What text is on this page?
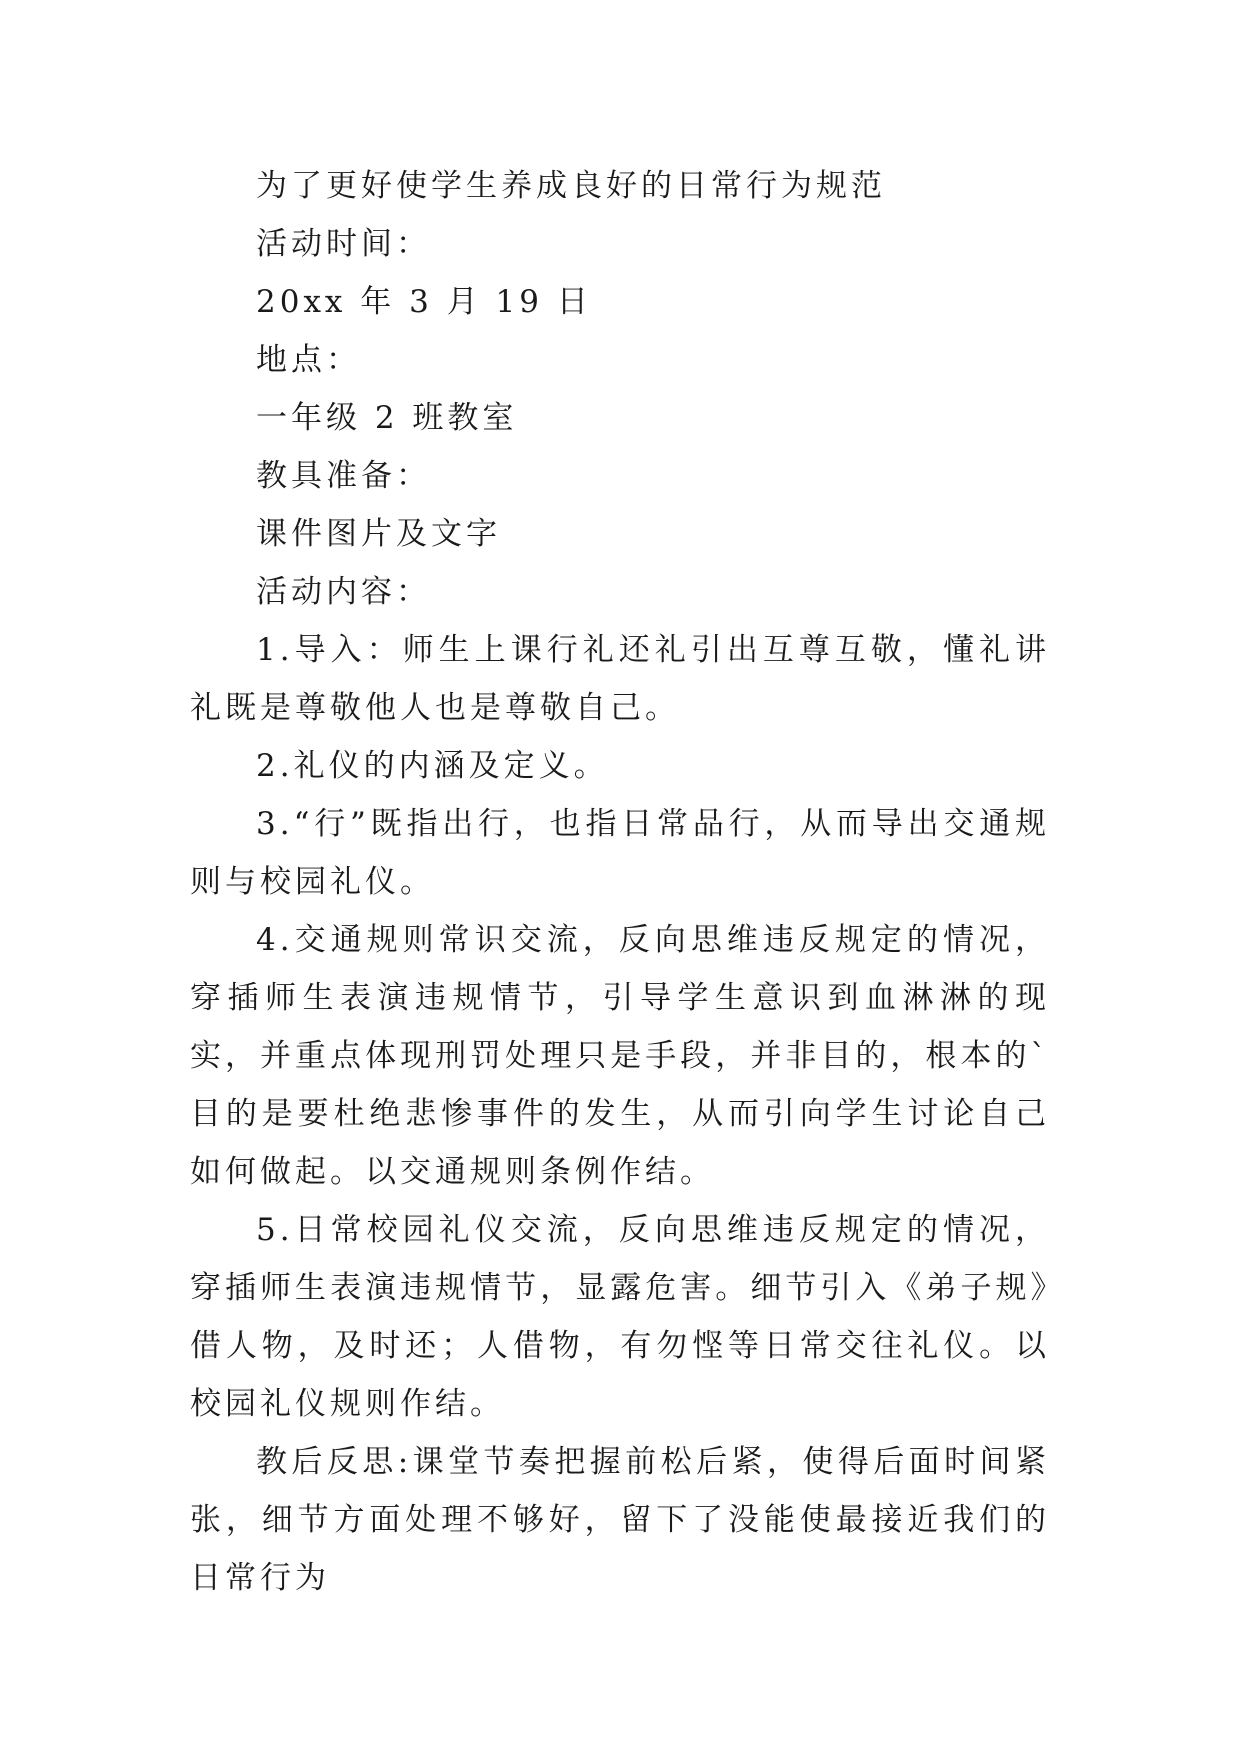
为了更好使学生养成良好的日常行为规范

活动时间：

20xx 年 3 月 19 日

地点：

一年级 2 班教室

教具准备：

课件图片及文字

活动内容：

1.导入：师生上课行礼还礼引出互尊互敬，懂礼讲礼既是尊敬他人也是尊敬自己。

2.礼仪的内涵及定义。

3.“行”既指出行，也指日常品行，从而导出交通规则与校园礼仪。

4.交通规则常识交流，反向思维违反规定的情况，穿插师生表演违规情节，引导学生意识到血淋淋的现实，并重点体现刑罚处理只是手段，并非目的，根本的`目的是要杜绝悲惨事件的发生，从而引向学生讨论自己如何做起。以交通规则条例作结。

5.日常校园礼仪交流，反向思维违反规定的情况，穿插师生表演违规情节，显露危害。细节引入《弟子规》借人物，及时还；人借物，有勿悭等日常交往礼仪。以校园礼仪规则作结。

教后反思:课堂节奏把握前松后紧，使得后面时间紧张，细节方面处理不够好，留下了没能使最接近我们的日常行为
